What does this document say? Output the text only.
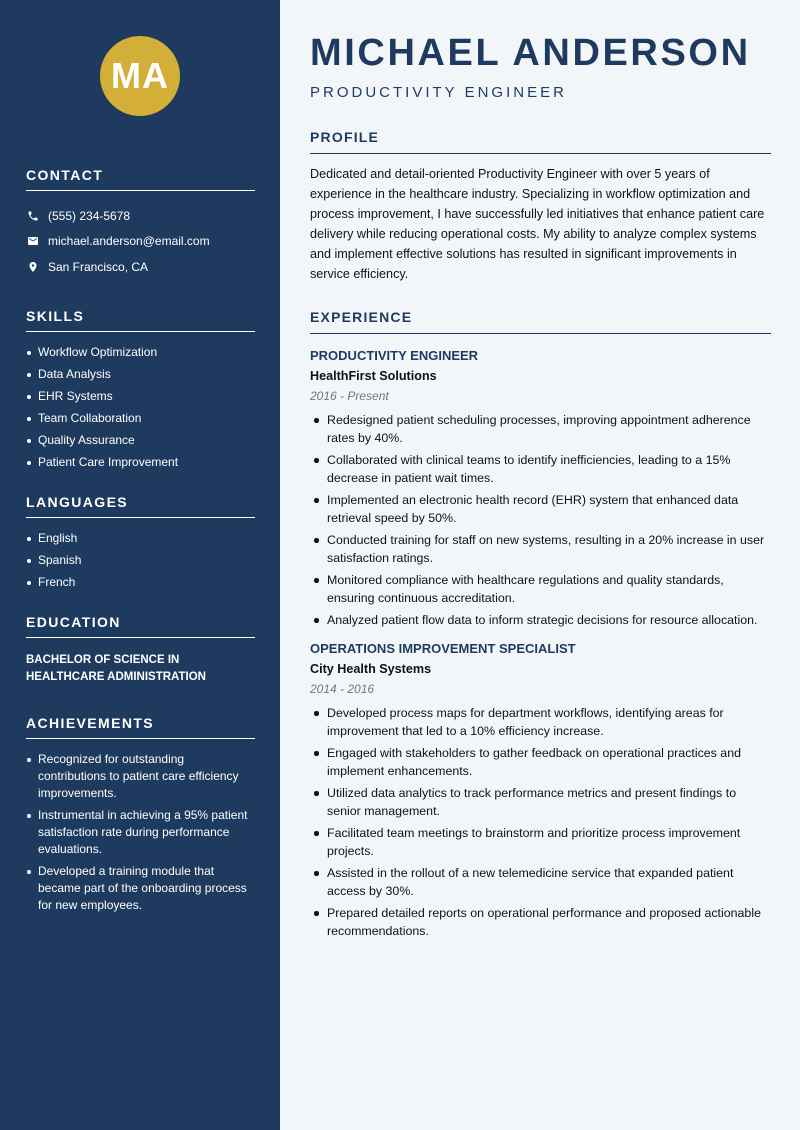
MA
CONTACT
(555) 234-5678
michael.anderson@email.com
San Francisco, CA
SKILLS
Workflow Optimization
Data Analysis
EHR Systems
Team Collaboration
Quality Assurance
Patient Care Improvement
LANGUAGES
English
Spanish
French
EDUCATION
BACHELOR OF SCIENCE IN HEALTHCARE ADMINISTRATION
ACHIEVEMENTS
Recognized for outstanding contributions to patient care efficiency improvements.
Instrumental in achieving a 95% patient satisfaction rate during performance evaluations.
Developed a training module that became part of the onboarding process for new employees.
MICHAEL ANDERSON
PRODUCTIVITY ENGINEER
PROFILE

Dedicated and detail-oriented Productivity Engineer with over 5 years of experience in the healthcare industry. Specializing in workflow optimization and process improvement, I have successfully led initiatives that enhance patient care delivery while reducing operational costs. My ability to analyze complex systems and implement effective solutions has resulted in significant improvements in service efficiency.

EXPERIENCE
PRODUCTIVITY ENGINEER
HealthFirst Solutions
2016 - Present
Redesigned patient scheduling processes, improving appointment adherence rates by 40%.
Collaborated with clinical teams to identify inefficiencies, leading to a 15% decrease in patient wait times.
Implemented an electronic health record (EHR) system that enhanced data retrieval speed by 50%.
Conducted training for staff on new systems, resulting in a 20% increase in user satisfaction ratings.
Monitored compliance with healthcare regulations and quality standards, ensuring continuous accreditation.
Analyzed patient flow data to inform strategic decisions for resource allocation.
OPERATIONS IMPROVEMENT SPECIALIST
City Health Systems
2014 - 2016
Developed process maps for department workflows, identifying areas for improvement that led to a 10% efficiency increase.
Engaged with stakeholders to gather feedback on operational practices and implement enhancements.
Utilized data analytics to track performance metrics and present findings to senior management.
Facilitated team meetings to brainstorm and prioritize process improvement projects.
Assisted in the rollout of a new telemedicine service that expanded patient access by 30%.
Prepared detailed reports on operational performance and proposed actionable recommendations.
